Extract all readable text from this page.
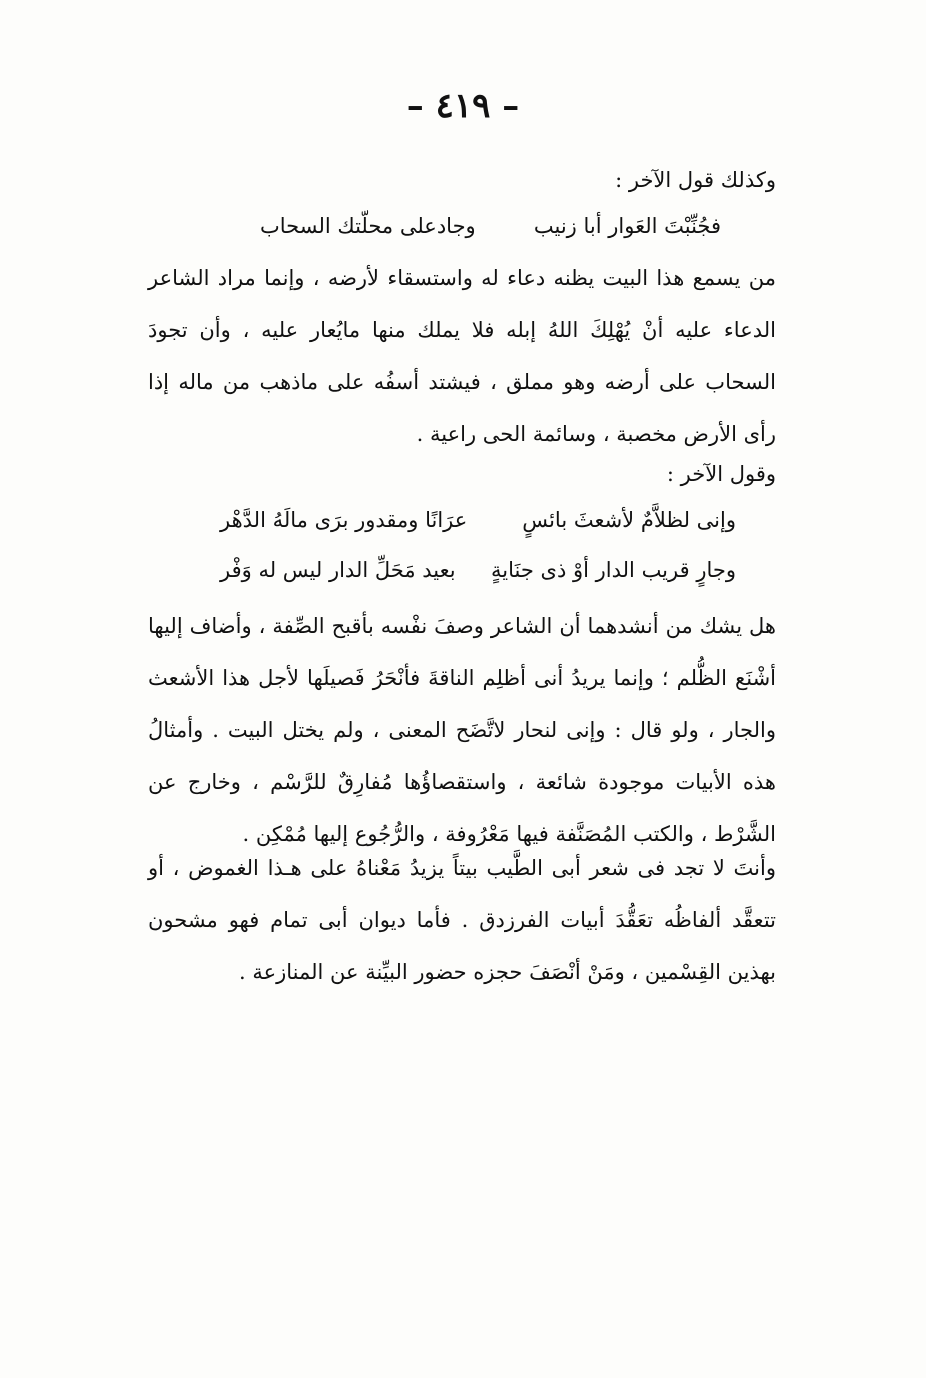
– ٤١٩ –
وكذلك قول الآخر :
فجُنِّبْتَ العَوار أبا زنيب
وجادعلى محلّتك السحاب

من يسمع هذا البيت يظنه دعاء له واستسقاء لأرضه ، وإنما مراد الشاعر الدعاء عليه أنْ يُهْلِكَ اللهُ إبله فلا يملك منها مايُعار عليه ، وأن تجودَ السحاب على أرضه وهو مملق ، فيشتد أسفُه على ماذهب من ماله إذا رأى الأرض مخصبة ، وسائمة الحى راعية .

وقول الآخر :
وإنى لظلاَّمٌ لأشعثَ بائسٍ
عرَانًا ومقدور برَى مالَهُ الدَّهْر
وجارٍ قريب الدار أوْ ذى جنَايةٍ
بعيد مَحَلِّ الدار ليس له وَفْر

هل يشك من أنشدهما أن الشاعر وصفَ نفْسه بأقبح الصِّفة ، وأضاف إليها أشْنَع الظُّلم ؛ وإنما يريدُ أنى أظلِم الناقةَ فأنْحَرُ فَصيلَها لأجل هذا الأشعث والجار ، ولو قال : وإنى لنحار لاتَّضَح المعنى ، ولم يختل البيت . وأمثالُ هذه الأبيات موجودة شائعة ، واستقصاؤُها مُفارِقٌ للرَّسْم ، وخارج عن الشَّرْط ، والكتب المُصَنَّفة فيها مَعْرُوفة ، والرُّجُوع إليها مُمْكِن .

وأنتَ لا تجد فى شعر أبى الطَّيب بيتاً يزيدُ مَعْناهُ على هـذا الغموض ، أو تتعقَّد ألفاظُه تعَقُّدَ أبيات الفرزدق . فأما ديوان أبى تمام فهو مشحون بهذين القِسْمين ، ومَنْ أنْصَفَ حجزه حضور البيِّنة عن المنازعة .
